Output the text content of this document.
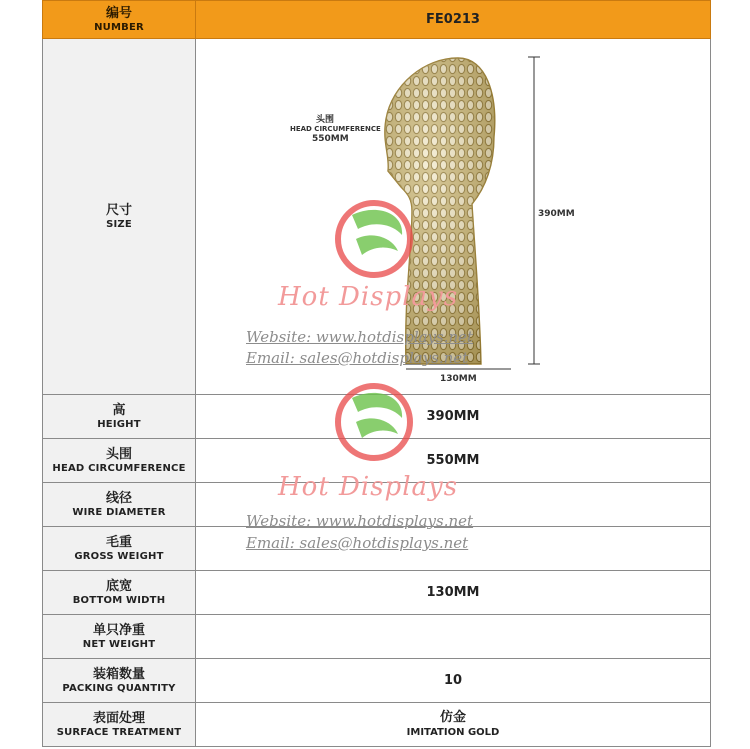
编号
NUMBER	FE0213

尺寸
SIZE	头围
HEAD CIRCUMFERENCE
550MM
390MM
130MM

高
HEIGHT	390MM

头围
HEAD CIRCUMFERENCE	550MM

线径
WIRE DIAMETER	

毛重
GROSS WEIGHT	

底宽
BOTTOM WIDTH	130MM

单只净重
NET WEIGHT	

装箱数量
PACKING QUANTITY	10

表面处理
SURFACE TREATMENT	仿金
IMITATION GOLD
Hot Displays
Website: www.hotdisplays.net
Email: sales@hotdisplays.net
Hot Displays
Website: www.hotdisplays.net
Email: sales@hotdisplays.net
